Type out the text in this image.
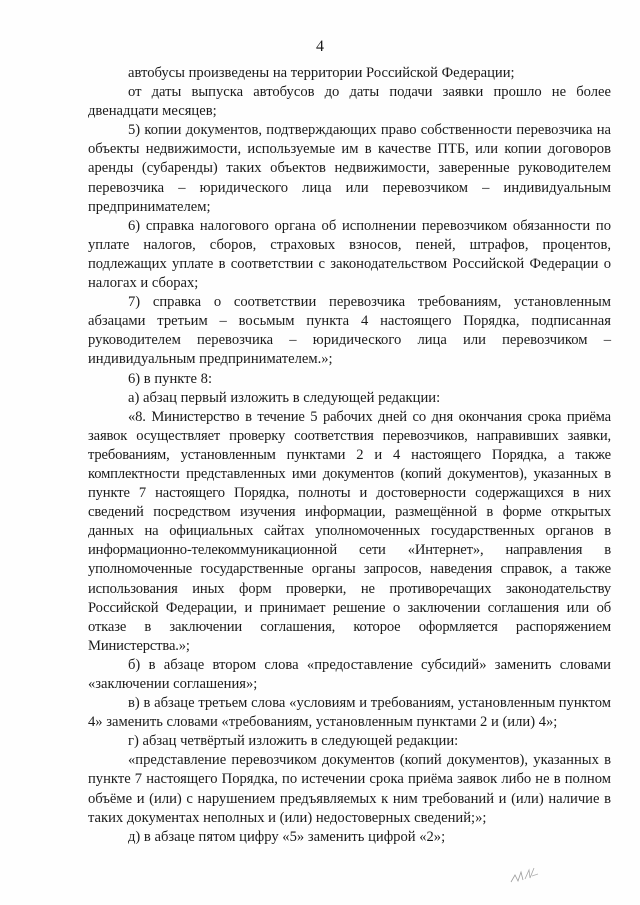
4

автобусы произведены на территории Российской Федерации;

от даты выпуска автобусов до даты подачи заявки прошло не более двенадцати месяцев;

5) копии документов, подтверждающих право собственности перевозчика на объекты недвижимости, используемые им в качестве ПТБ, или копии договоров аренды (субаренды) таких объектов недвижимости, заверенные руководителем перевозчика – юридического лица или перевозчиком – индивидуальным предпринимателем;

6) справка налогового органа об исполнении перевозчиком обязанности по уплате налогов, сборов, страховых взносов, пеней, штрафов, процентов, подлежащих уплате в соответствии с законодательством Российской Федерации о налогах и сборах;

7) справка о соответствии перевозчика требованиям, установленным абзацами третьим – восьмым пункта 4 настоящего Порядка, подписанная руководителем перевозчика – юридического лица или перевозчиком – индивидуальным предпринимателем.»;

6) в пункте 8:

а) абзац первый изложить в следующей редакции:

«8. Министерство в течение 5 рабочих дней со дня окончания срока приёма заявок осуществляет проверку соответствия перевозчиков, направивших заявки, требованиям, установленным пунктами 2 и 4 настоящего Порядка, а также комплектности представленных ими документов (копий документов), указанных в пункте 7 настоящего Порядка, полноты и достоверности содержащихся в них сведений посредством изучения информации, размещённой в форме открытых данных на официальных сайтах уполномоченных государственных органов в информационно-телекоммуникационной сети «Интернет», направления в уполномоченные государственные органы запросов, наведения справок, а также использования иных форм проверки, не противоречащих законодательству Российской Федерации, и принимает решение о заключении соглашения или об отказе в заключении соглашения, которое оформляется распоряжением Министерства.»;

б) в абзаце втором слова «предоставление субсидий» заменить словами «заключении соглашения»;

в) в абзаце третьем слова «условиям и требованиям, установленным пунктом 4» заменить словами «требованиям, установленным пунктами 2 и (или) 4»;

г) абзац четвёртый изложить в следующей редакции:

«представление перевозчиком документов (копий документов), указанных в пункте 7 настоящего Порядка, по истечении срока приёма заявок либо не в полном объёме и (или) с нарушением предъявляемых к ним требований и (или) наличие в таких документах неполных и (или) недостоверных сведений;»;

д) в абзаце пятом цифру «5» заменить цифрой «2»;
